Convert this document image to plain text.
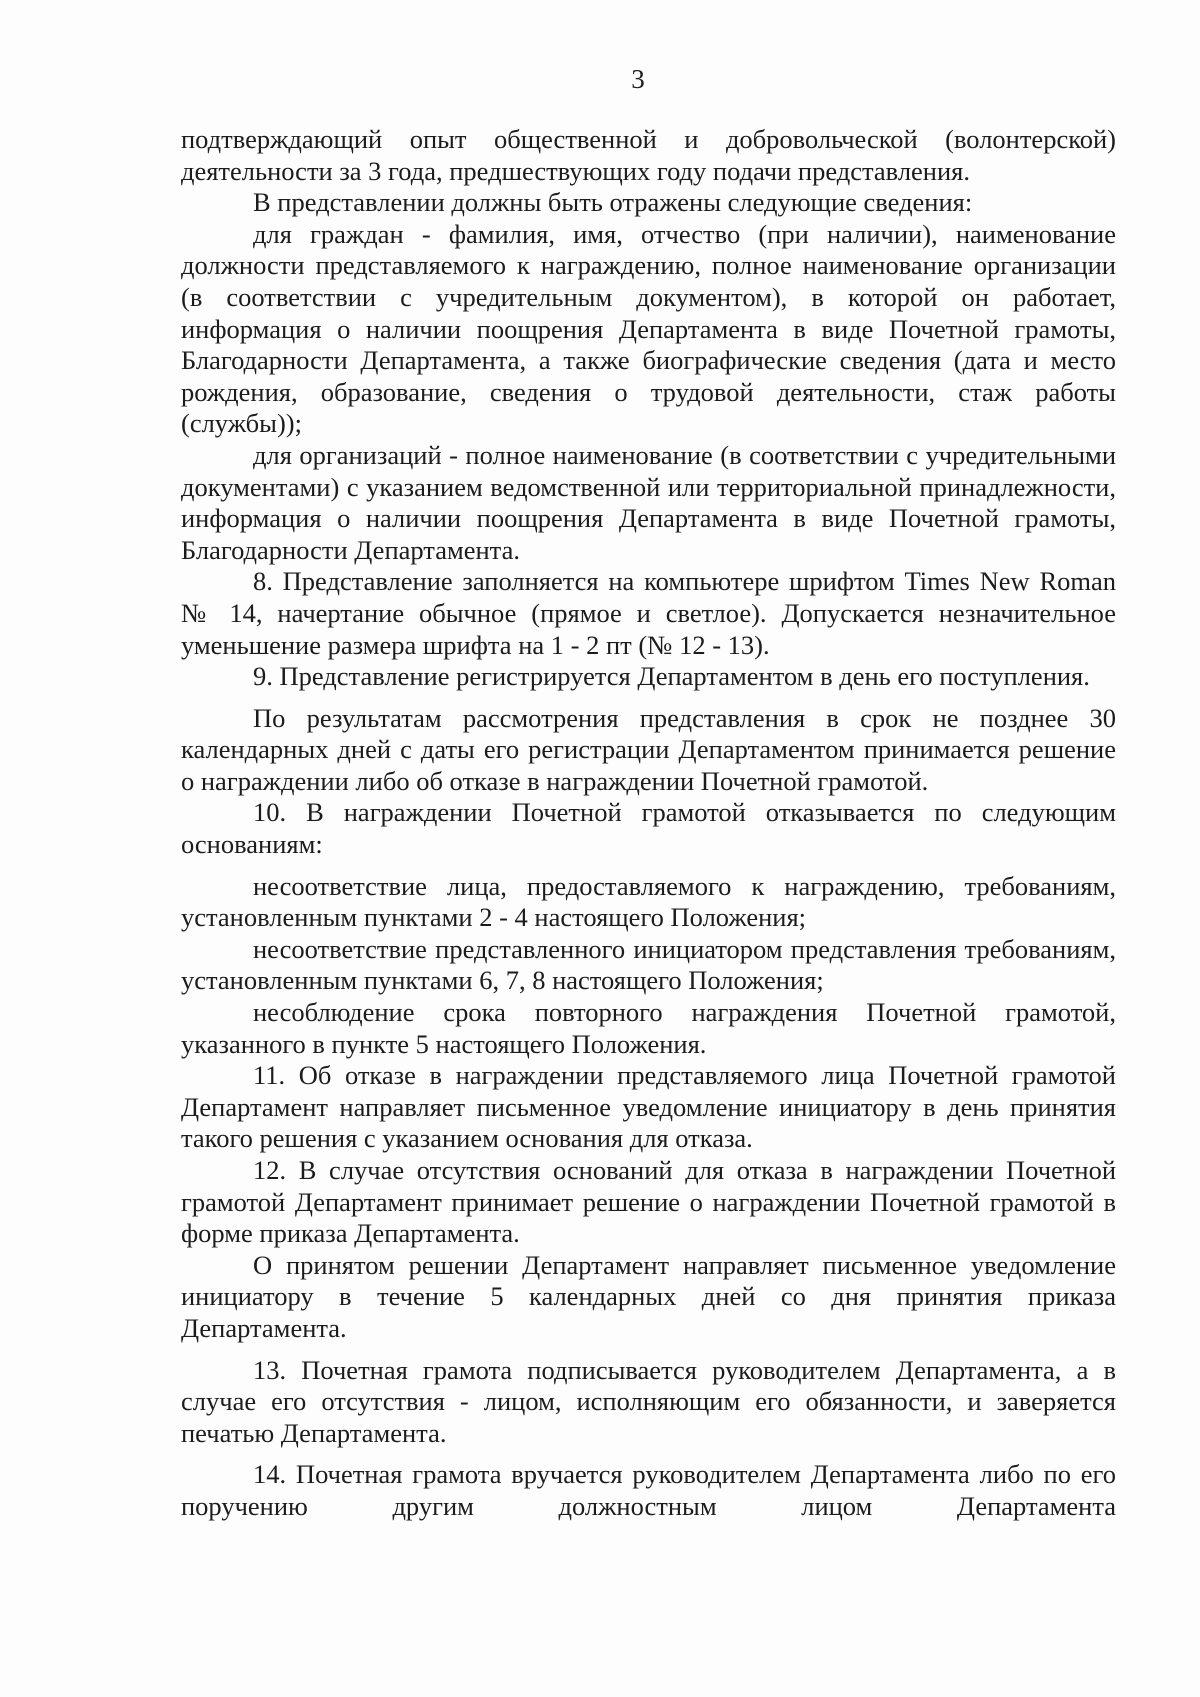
3

подтверждающий опыт общественной и добровольческой (волонтерской) деятельности за 3 года, предшествующих году подачи представления.

В представлении должны быть отражены следующие сведения:

для граждан - фамилия, имя, отчество (при наличии), наименование должности представляемого к награждению, полное наименование организации (в соответствии с учредительным документом), в которой он работает, информация о наличии поощрения Департамента в виде Почетной грамоты, Благодарности Департамента, а также биографические сведения (дата и место рождения, образование, сведения о трудовой деятельности, стаж работы (службы));

для организаций - полное наименование (в соответствии с учредительными документами) с указанием ведомственной или территориальной принадлежности, информация о наличии поощрения Департамента в виде Почетной грамоты, Благодарности Департамента.

8. Представление заполняется на компьютере шрифтом Times New Roman № 14, начертание обычное (прямое и светлое). Допускается незначительное уменьшение размера шрифта на 1 - 2 пт (№ 12 - 13).

9. Представление регистрируется Департаментом в день его поступления.

По результатам рассмотрения представления в срок не позднее 30 календарных дней с даты его регистрации Департаментом принимается решение о награждении либо об отказе в награждении Почетной грамотой.

10. В награждении Почетной грамотой отказывается по следующим основаниям:

несоответствие лица, предоставляемого к награждению, требованиям, установленным пунктами 2 - 4 настоящего Положения;

несоответствие представленного инициатором представления требованиям, установленным пунктами 6, 7, 8 настоящего Положения;

несоблюдение срока повторного награждения Почетной грамотой, указанного в пункте 5 настоящего Положения.

11. Об отказе в награждении представляемого лица Почетной грамотой Департамент направляет письменное уведомление инициатору в день принятия такого решения с указанием основания для отказа.

12. В случае отсутствия оснований для отказа в награждении Почетной грамотой Департамент принимает решение о награждении Почетной грамотой в форме приказа Департамента.

О принятом решении Департамент направляет письменное уведомление инициатору в течение 5 календарных дней со дня принятия приказа Департамента.

13. Почетная грамота подписывается руководителем Департамента, а в случае его отсутствия - лицом, исполняющим его обязанности, и заверяется печатью Департамента.

14. Почетная грамота вручается руководителем Департамента либо по его поручению другим должностным лицом Департамента
